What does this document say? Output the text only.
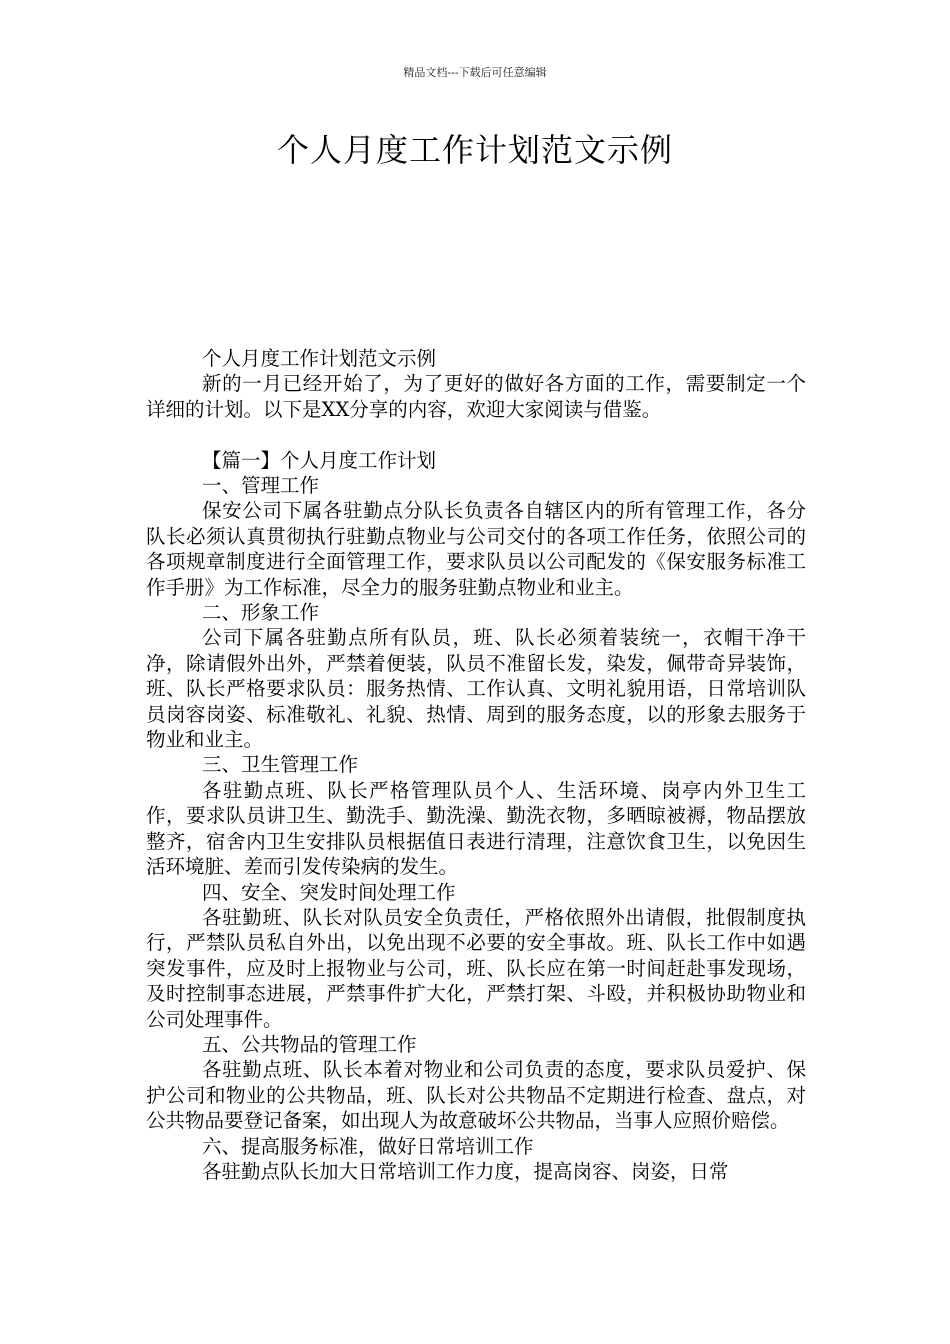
精品文档---下载后可任意编辑
个人月度工作计划范文示例

个人月度工作计划范文示例

新的一月已经开始了，为了更好的做好各方面的工作，需要制定一个详细的计划。以下是XX分享的内容，欢迎大家阅读与借鉴。

【篇一】个人月度工作计划

一、管理工作

保安公司下属各驻勤点分队长负责各自辖区内的所有管理工作，各分队长必须认真贯彻执行驻勤点物业与公司交付的各项工作任务，依照公司的各项规章制度进行全面管理工作，要求队员以公司配发的《保安服务标准工作手册》为工作标准，尽全力的服务驻勤点物业和业主。

二、形象工作

公司下属各驻勤点所有队员，班、队长必须着装统一，衣帽干净干净，除请假外出外，严禁着便装，队员不准留长发，染发，佩带奇异装饰，班、队长严格要求队员：服务热情、工作认真、文明礼貌用语，日常培训队员岗容岗姿、标准敬礼、礼貌、热情、周到的服务态度，以的形象去服务于物业和业主。

三、卫生管理工作

各驻勤点班、队长严格管理队员个人、生活环境、岗亭内外卫生工作，要求队员讲卫生、勤洗手、勤洗澡、勤洗衣物，多晒晾被褥，物品摆放整齐，宿舍内卫生安排队员根据值日表进行清理，注意饮食卫生，以免因生活环境脏、差而引发传染病的发生。

四、安全、突发时间处理工作

各驻勤班、队长对队员安全负责任，严格依照外出请假，批假制度执行，严禁队员私自外出，以免出现不必要的安全事故。班、队长工作中如遇突发事件，应及时上报物业与公司，班、队长应在第一时间赶赴事发现场，及时控制事态进展，严禁事件扩大化，严禁打架、斗殴，并积极协助物业和公司处理事件。

五、公共物品的管理工作

各驻勤点班、队长本着对物业和公司负责的态度，要求队员爱护、保护公司和物业的公共物品，班、队长对公共物品不定期进行检查、盘点，对公共物品要登记备案，如出现人为故意破坏公共物品，当事人应照价赔偿。

六、提高服务标准，做好日常培训工作

各驻勤点队长加大日常培训工作力度，提高岗容、岗姿，日常
